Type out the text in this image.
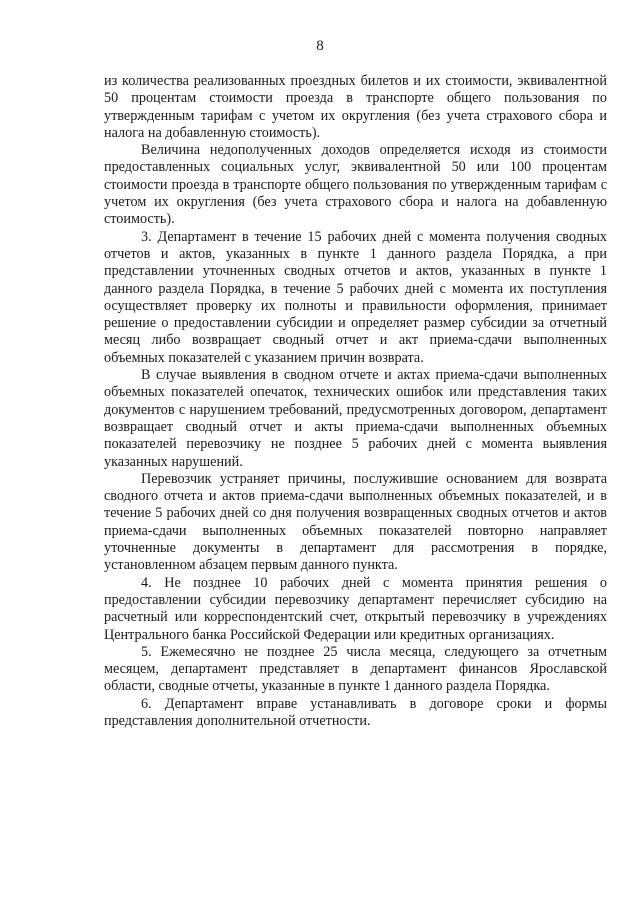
8

из количества реализованных проездных билетов и их стоимости, эквивалентной 50 процентам стоимости проезда в транспорте общего пользования по утвержденным тарифам с учетом их округления (без учета страхового сбора и налога на добавленную стоимость).

Величина недополученных доходов определяется исходя из стоимости предоставленных социальных услуг, эквивалентной 50 или 100 процентам стоимости проезда в транспорте общего пользования по утвержденным тарифам с учетом их округления (без учета страхового сбора и налога на добавленную стоимость).

3. Департамент в течение 15 рабочих дней с момента получения сводных отчетов и актов, указанных в пункте 1 данного раздела Порядка, а при представлении уточненных сводных отчетов и актов, указанных в пункте 1 данного раздела Порядка, в течение 5 рабочих дней с момента их поступления осуществляет проверку их полноты и правильности оформления, принимает решение о предоставлении субсидии и определяет размер субсидии за отчетный месяц либо возвращает сводный отчет и акт приема-сдачи выполненных объемных показателей с указанием причин возврата.

В случае выявления в сводном отчете и актах приема-сдачи выполненных объемных показателей опечаток, технических ошибок или представления таких документов с нарушением требований, предусмотренных договором, департамент возвращает сводный отчет и акты приема-сдачи выполненных объемных показателей перевозчику не позднее 5 рабочих дней с момента выявления указанных нарушений.

Перевозчик устраняет причины, послужившие основанием для возврата сводного отчета и актов приема-сдачи выполненных объемных показателей, и в течение 5 рабочих дней со дня получения возвращенных сводных отчетов и актов приема-сдачи выполненных объемных показателей повторно направляет уточненные документы в департамент для рассмотрения в порядке, установленном абзацем первым данного пункта.

4. Не позднее 10 рабочих дней с момента принятия решения о предоставлении субсидии перевозчику департамент перечисляет субсидию на расчетный или корреспондентский счет, открытый перевозчику в учреждениях Центрального банка Российской Федерации или кредитных организациях.

5. Ежемесячно не позднее 25 числа месяца, следующего за отчетным месяцем, департамент представляет в департамент финансов Ярославской области, сводные отчеты, указанные в пункте 1 данного раздела Порядка.

6. Департамент вправе устанавливать в договоре сроки и формы представления дополнительной отчетности.
